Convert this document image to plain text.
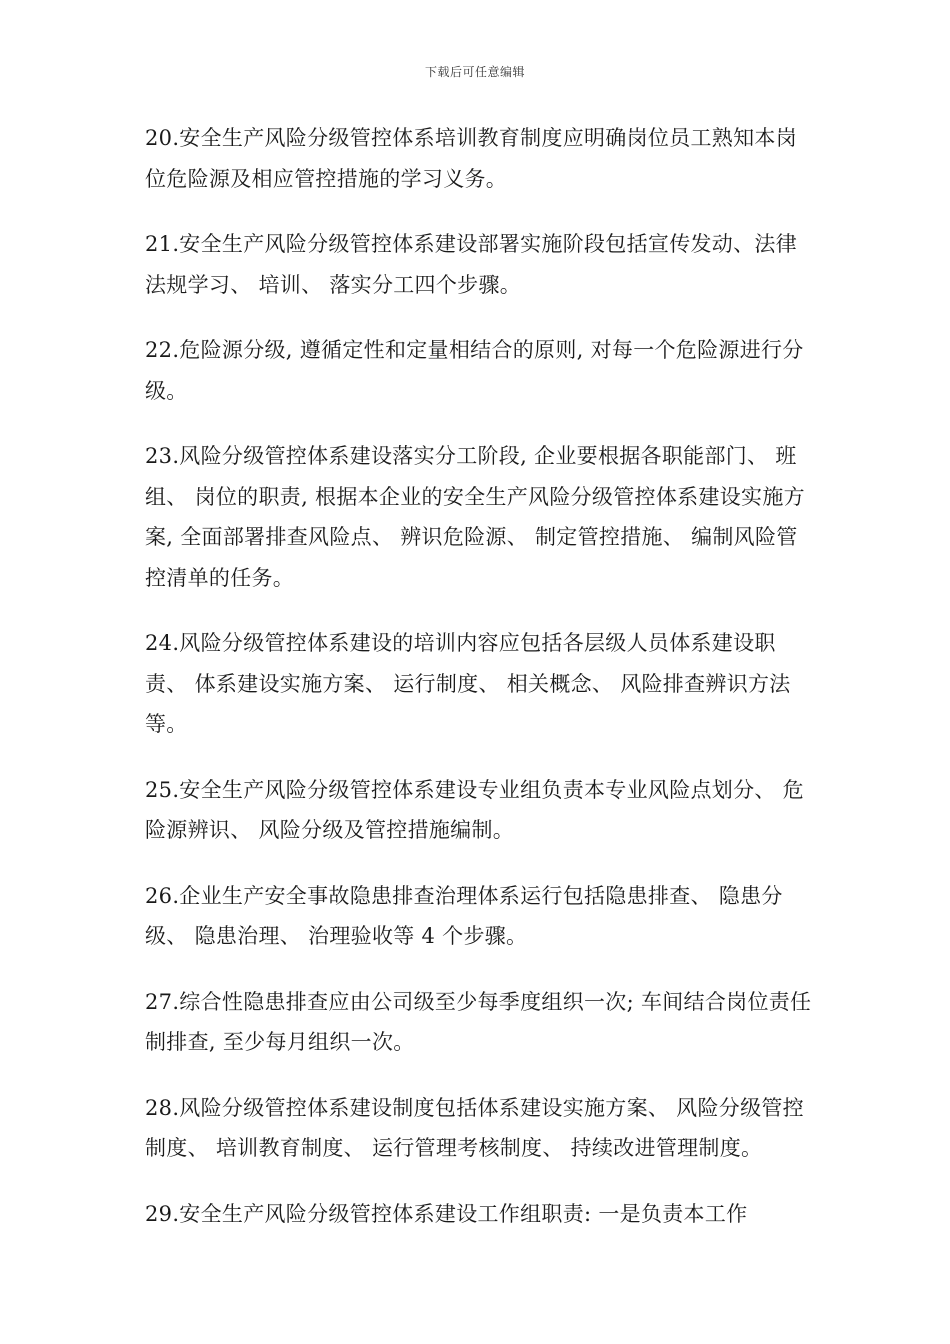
下载后可任意编辑

20.安全生产风险分级管控体系培训教育制度应明确岗位员工熟知本岗位危险源及相应管控措施的学习义务。

21.安全生产风险分级管控体系建设部署实施阶段包括宣传发动、法律法规学习、 培训、 落实分工四个步骤。

22.危险源分级, 遵循定性和定量相结合的原则, 对每一个危险源进行分级。

23.风险分级管控体系建设落实分工阶段, 企业要根据各职能部门、 班组、 岗位的职责, 根据本企业的安全生产风险分级管控体系建设实施方案, 全面部署排查风险点、 辨识危险源、 制定管控措施、 编制风险管控清单的任务。

24.风险分级管控体系建设的培训内容应包括各层级人员体系建设职责、 体系建设实施方案、 运行制度、 相关概念、 风险排查辨识方法等。

25.安全生产风险分级管控体系建设专业组负责本专业风险点划分、 危险源辨识、 风险分级及管控措施编制。

26.企业生产安全事故隐患排查治理体系运行包括隐患排查、 隐患分级、 隐患治理、 治理验收等 4 个步骤。

27.综合性隐患排查应由公司级至少每季度组织一次; 车间结合岗位责任制排查, 至少每月组织一次。

28.风险分级管控体系建设制度包括体系建设实施方案、 风险分级管控制度、 培训教育制度、 运行管理考核制度、 持续改进管理制度。

29.安全生产风险分级管控体系建设工作组职责: 一是负责本工作
